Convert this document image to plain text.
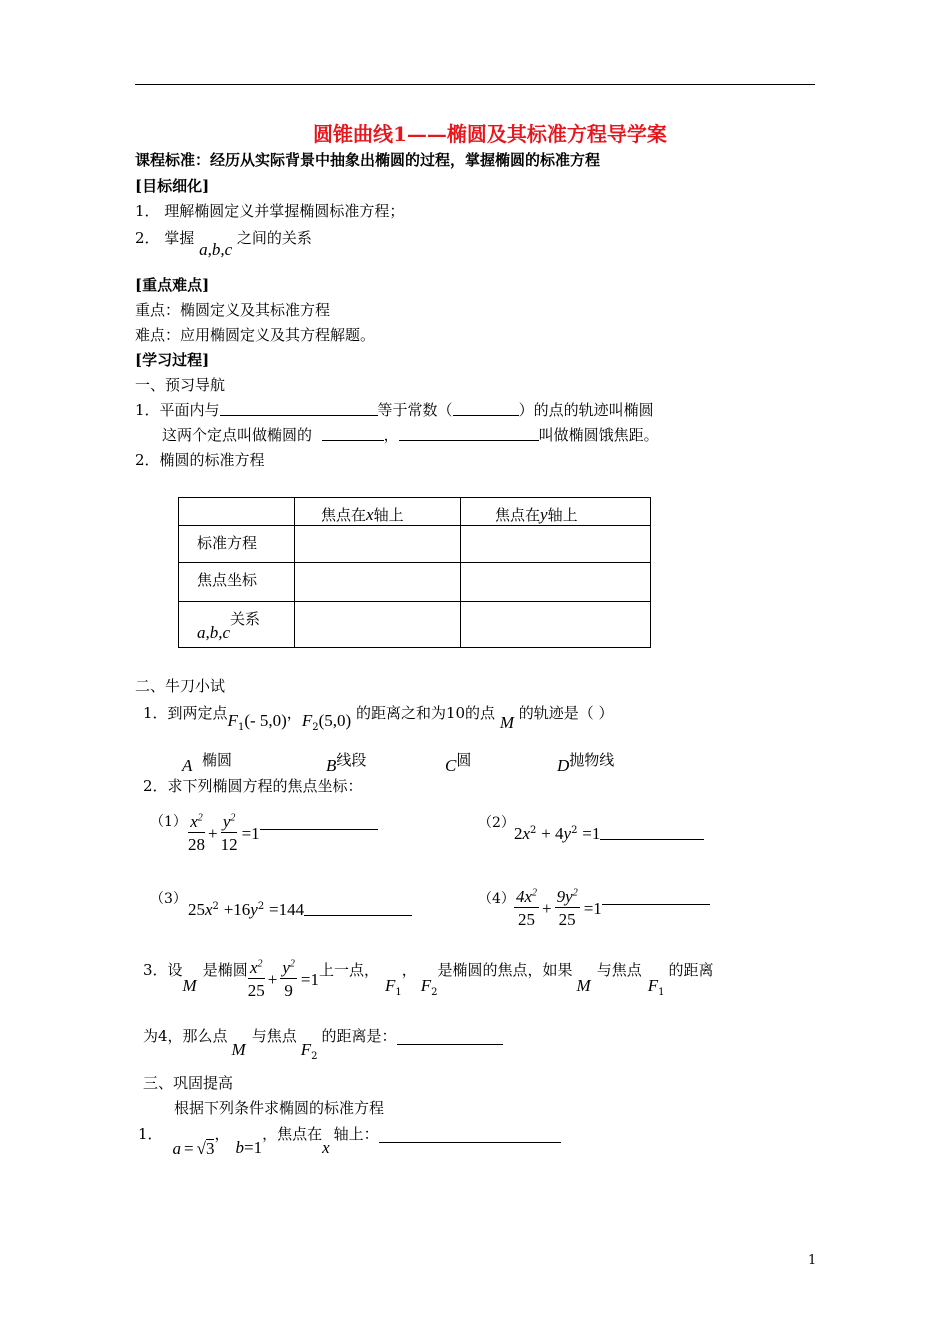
圆锥曲线1——椭圆及其标准方程导学案
课程标准：经历从实际背景中抽象出椭圆的过程，掌握椭圆的标准方程
[目标细化]
1． 理解椭圆定义并掌握椭圆标准方程；
2． 掌握 a,b,c 之间的关系
[重点难点]
重点：椭圆定义及其标准方程
难点：应用椭圆定义及其方程解题。
[学习过程]
一、预习导航
1．平面内与	等于常数（	）的点的轨迹叫椭圆
这两个定点叫做椭圆的	，	叫做椭圆饿焦距。
2．椭圆的标准方程
	焦点在x轴上	焦点在y轴上
标准方程		
焦点坐标		
a,b,c关系		
二、牛刀小试
1．到两定点$F_1(-$ 5,0)，$F_2(5,0)$ 的距离之和为10的点 M 的轨迹是（ ）
A 椭圆	B线段	C圆	D抛物线
2．求下列椭圆方程的焦点坐标：
$(1) \frac{x^2}{28} + \frac{y^2}{12} =1$
（2）
$2x^2 + 4y^2 =1$
（3）
$25x^2 +16y^2 =144$
$(4) \frac{4x^2}{25} + \frac{9y^2}{25} =1$
3．设
M
是椭圆 $\frac{x^2}{25} + \frac{y^2}{9} =1$ 上一点，
$F_1$
，
$F_2$
是椭圆的焦点，如果
M
与焦点
$F_1$
的距离
为4，那么点
M
与焦点
$F_2$
的距离是：
三、巩固提高
根据下列条件求椭圆的标准方程
1．
a = √ 3
，
b=1
，焦点在
x
轴上：
1
